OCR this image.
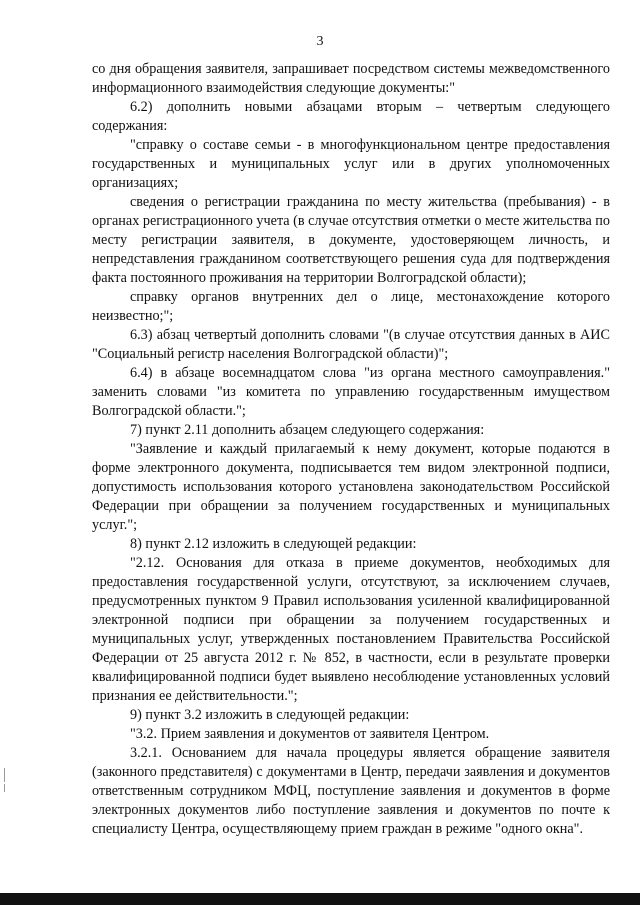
3

со дня обращения заявителя, запрашивает посредством системы межведомственного информационного взаимодействия следующие документы:"

6.2) дополнить новыми абзацами вторым – четвертым следующего содержания:

"справку о составе семьи - в многофункциональном центре предоставления государственных и муниципальных услуг или в других уполномоченных организациях;

сведения о регистрации гражданина по месту жительства (пребывания) - в органах регистрационного учета (в случае отсутствия отметки о месте жительства по месту регистрации заявителя, в документе, удостоверяющем личность, и непредставления гражданином соответствующего решения суда для подтверждения факта постоянного проживания на территории Волгоградской области);

справку органов внутренних дел о лице, местонахождение которого неизвестно;";

6.3) абзац четвертый дополнить словами "(в случае отсутствия данных в АИС "Социальный регистр населения Волгоградской области)";

6.4) в абзаце восемнадцатом слова "из органа местного самоуправления." заменить словами "из комитета по управлению государственным имуществом Волгоградской области.";

7) пункт 2.11 дополнить абзацем следующего содержания:

"Заявление и каждый прилагаемый к нему документ, которые подаются в форме электронного документа, подписывается тем видом электронной подписи, допустимость использования которого установлена законодательством Российской Федерации при обращении за получением государственных и муниципальных услуг.";

8) пункт 2.12 изложить в следующей редакции:

"2.12. Основания для отказа в приеме документов, необходимых для предоставления государственной услуги, отсутствуют, за исключением случаев, предусмотренных пунктом 9 Правил использования усиленной квалифицированной электронной подписи при обращении за получением государственных и муниципальных услуг, утвержденных постановлением Правительства Российской Федерации от 25 августа 2012 г. № 852, в частности, если в результате проверки квалифицированной подписи будет выявлено несоблюдение установленных условий признания ее действительности.";

9) пункт 3.2 изложить в следующей редакции:

"3.2. Прием заявления и документов от заявителя Центром.

3.2.1. Основанием для начала процедуры является обращение заявителя (законного представителя) с документами в Центр, передачи заявления и документов ответственным сотрудником МФЦ, поступление заявления и документов в форме электронных документов либо поступление заявления и документов по почте к специалисту Центра, осуществляющему прием граждан в режиме "одного окна".
